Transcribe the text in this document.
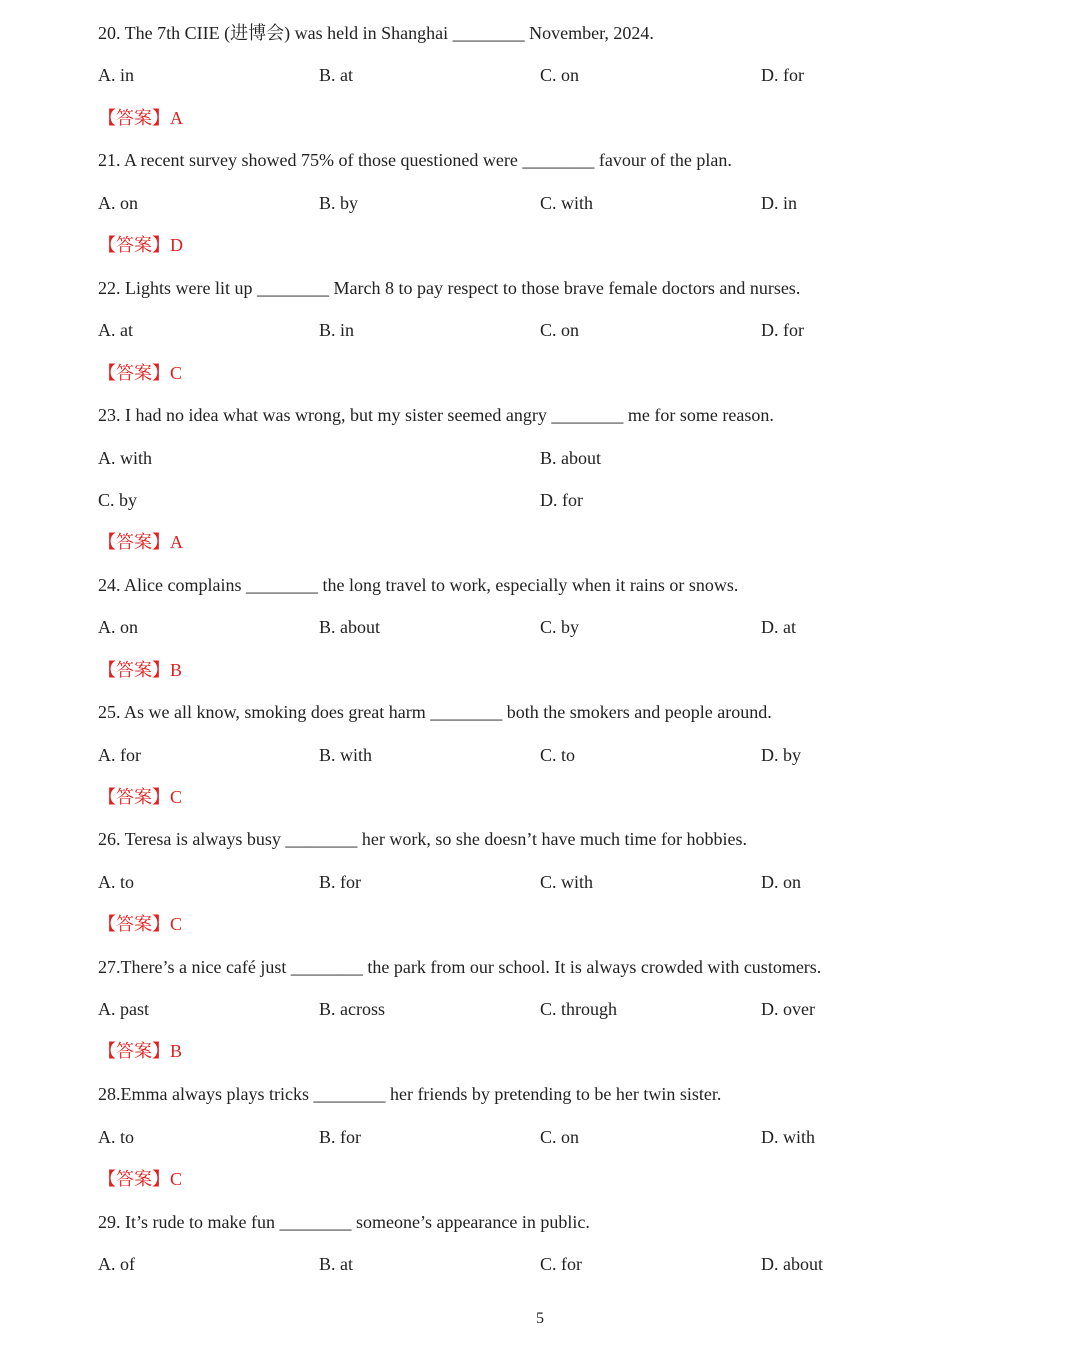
20. The 7th CIIE (进博会) was held in Shanghai ________ November, 2024.
A. in	B. at	C. on	D. for
【答案】A
21. A recent survey showed 75% of those questioned were ________ favour of the plan.
A. on	B. by	C. with	D. in
【答案】D
22. Lights were lit up ________ March 8 to pay respect to those brave female doctors and nurses.
A. at	B. in	C. on	D. for
【答案】C
23. I had no idea what was wrong, but my sister seemed angry ________ me for some reason.
A. with	B. about
C. by	D. for
【答案】A
24. Alice complains ________ the long travel to work, especially when it rains or snows.
A. on	B. about	C. by	D. at
【答案】B
25. As we all know, smoking does great harm ________ both the smokers and people around.
A. for	B. with	C. to	D. by
【答案】C
26. Teresa is always busy ________ her work, so she doesn’t have much time for hobbies.
A. to	B. for	C. with	D. on
【答案】C
27.There’s a nice café just ________ the park from our school. It is always crowded with customers.
A. past	B. across	C. through	D. over
【答案】B
28.Emma always plays tricks ________ her friends by pretending to be her twin sister.
A. to	B. for	C. on	D. with
【答案】C
29. It’s rude to make fun ________ someone’s appearance in public.
A. of	B. at	C. for	D. about
5
